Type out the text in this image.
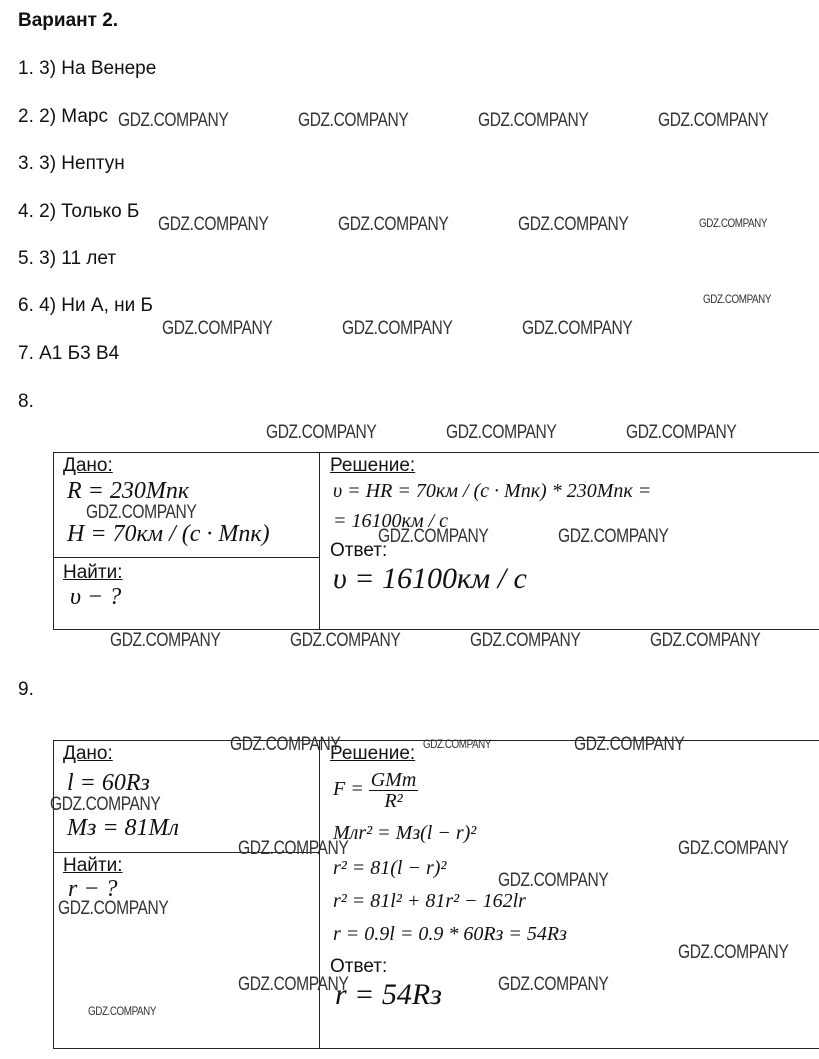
Вариант 2.
1. 3) На Венере
2. 2) Марс
3. 3) Нептун
4. 2) Только Б
5. 3) 11 лет
6. 4) Ни А, ни Б
7. А1 Б3 В4
8.
Дано:
R = 230Мпк
H = 70км / (с · Мпк)
Найти:
υ − ?
Решение:
υ = HR = 70км / (с · Мпк) * 230Мпк =
= 16100км / с
Ответ:
υ = 16100км / с
9.
Дано:
l = 60Rз
Мз = 81Мл
Найти:
r − ?
Решение:
$F = \frac{\text{GMm}}{\text{R²}}$
Млr² = Мз(l − r)²
r² = 81(l − r)²
r² = 81l² + 81r² − 162lr
r = 0.9l = 0.9 * 60Rз = 54Rз
Ответ:
r = 54Rз
GDZ.COMPANY	GDZ.COMPANY	GDZ.COMPANY	GDZ.COMPANY
GDZ.COMPANY	GDZ.COMPANY	GDZ.COMPANY	GDZ.COMPANY
GDZ.COMPANY
GDZ.COMPANY	GDZ.COMPANY	GDZ.COMPANY
GDZ.COMPANY	GDZ.COMPANY	GDZ.COMPANY
GDZ.COMPANY
GDZ.COMPANY	GDZ.COMPANY
GDZ.COMPANY	GDZ.COMPANY	GDZ.COMPANY	GDZ.COMPANY
GDZ.COMPANY	GDZ.COMPANY	GDZ.COMPANY
GDZ.COMPANY
GDZ.COMPANY	GDZ.COMPANY
GDZ.COMPANY
GDZ.COMPANY
GDZ.COMPANY
GDZ.COMPANY	GDZ.COMPANY
GDZ.COMPANY
